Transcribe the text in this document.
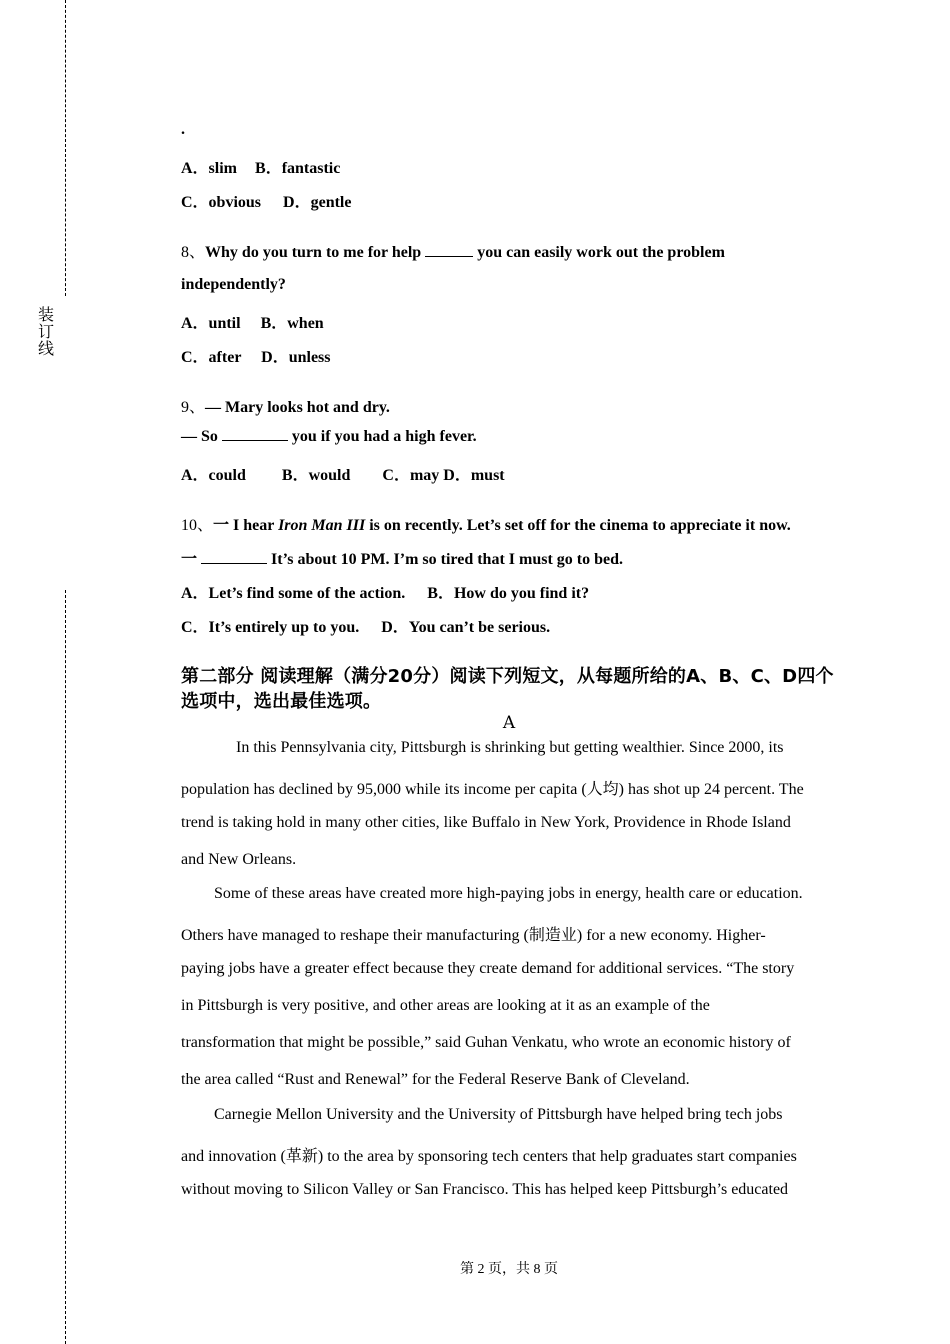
装
订
线
.
A．slim B．fantastic
C．obvious D．gentle
8、Why do you turn to me for help	you can easily work out the problem
independently?
A．until B．when
C．after D．unless
9、— Mary looks hot and dry.
— So	you if you had a high fever.
A．could B．would C．may D．must
10、一 I hear Iron Man III is on recently. Let’s set off for the cinema to appreciate it now.
一	It’s about 10 PM. I’m so tired that I must go to bed.
A．Let’s find some of the action. B．How do you find it?
C．It’s entirely up to you. D．You can’t be serious.
第二部分 阅读理解（满分20分）阅读下列短文，从每题所给的A、B、C、D四个
选项中，选出最佳选项。
A
In this Pennsylvania city, Pittsburgh is shrinking but getting wealthier. Since 2000, its
population has declined by 95,000 while its income per capita (人均) has shot up 24 percent. The
trend is taking hold in many other cities, like Buffalo in New York, Providence in Rhode Island
and New Orleans.
Some of these areas have created more high-paying jobs in energy, health care or education.
Others have managed to reshape their manufacturing (制造业) for a new economy. Higher-
paying jobs have a greater effect because they create demand for additional services. “The story
in Pittsburgh is very positive, and other areas are looking at it as an example of the
transformation that might be possible,” said Guhan Venkatu, who wrote an economic history of
the area called “Rust and Renewal” for the Federal Reserve Bank of Cleveland.
Carnegie Mellon University and the University of Pittsburgh have helped bring tech jobs
and innovation (革新) to the area by sponsoring tech centers that help graduates start companies
without moving to Silicon Valley or San Francisco. This has helped keep Pittsburgh’s educated
第 2 页，共 8 页
